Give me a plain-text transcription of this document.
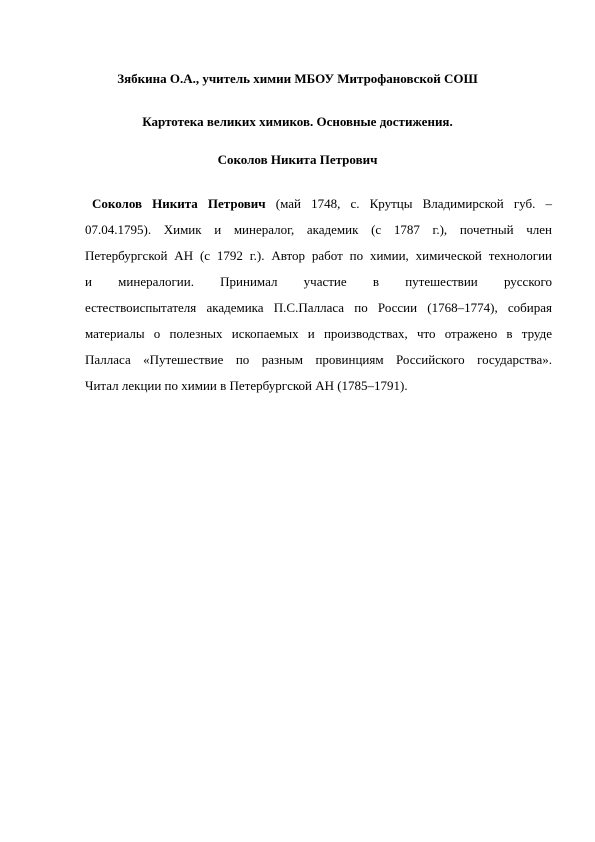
Зябкина О.А., учитель химии МБОУ Митрофановской СОШ
Картотека великих химиков. Основные достижения.
Соколов Никита Петрович
Соколов Никита Петрович (май 1748, с. Крутцы Владимирской губ. –
07.04.1795). Химик и минералог, академик (с 1787 г.), почетный член
Петербургской АН (с 1792 г.). Автор работ по химии, химической технологии
и минералогии. Принимал участие в путешествии русского
естествоиспытателя академика П.С.Палласа по России (1768–1774), собирая
материалы о полезных ископаемых и производствах, что отражено в труде
Палласа «Путешествие по разным провинциям Российского государства».
Читал лекции по химии в Петербургской АН (1785–1791).
